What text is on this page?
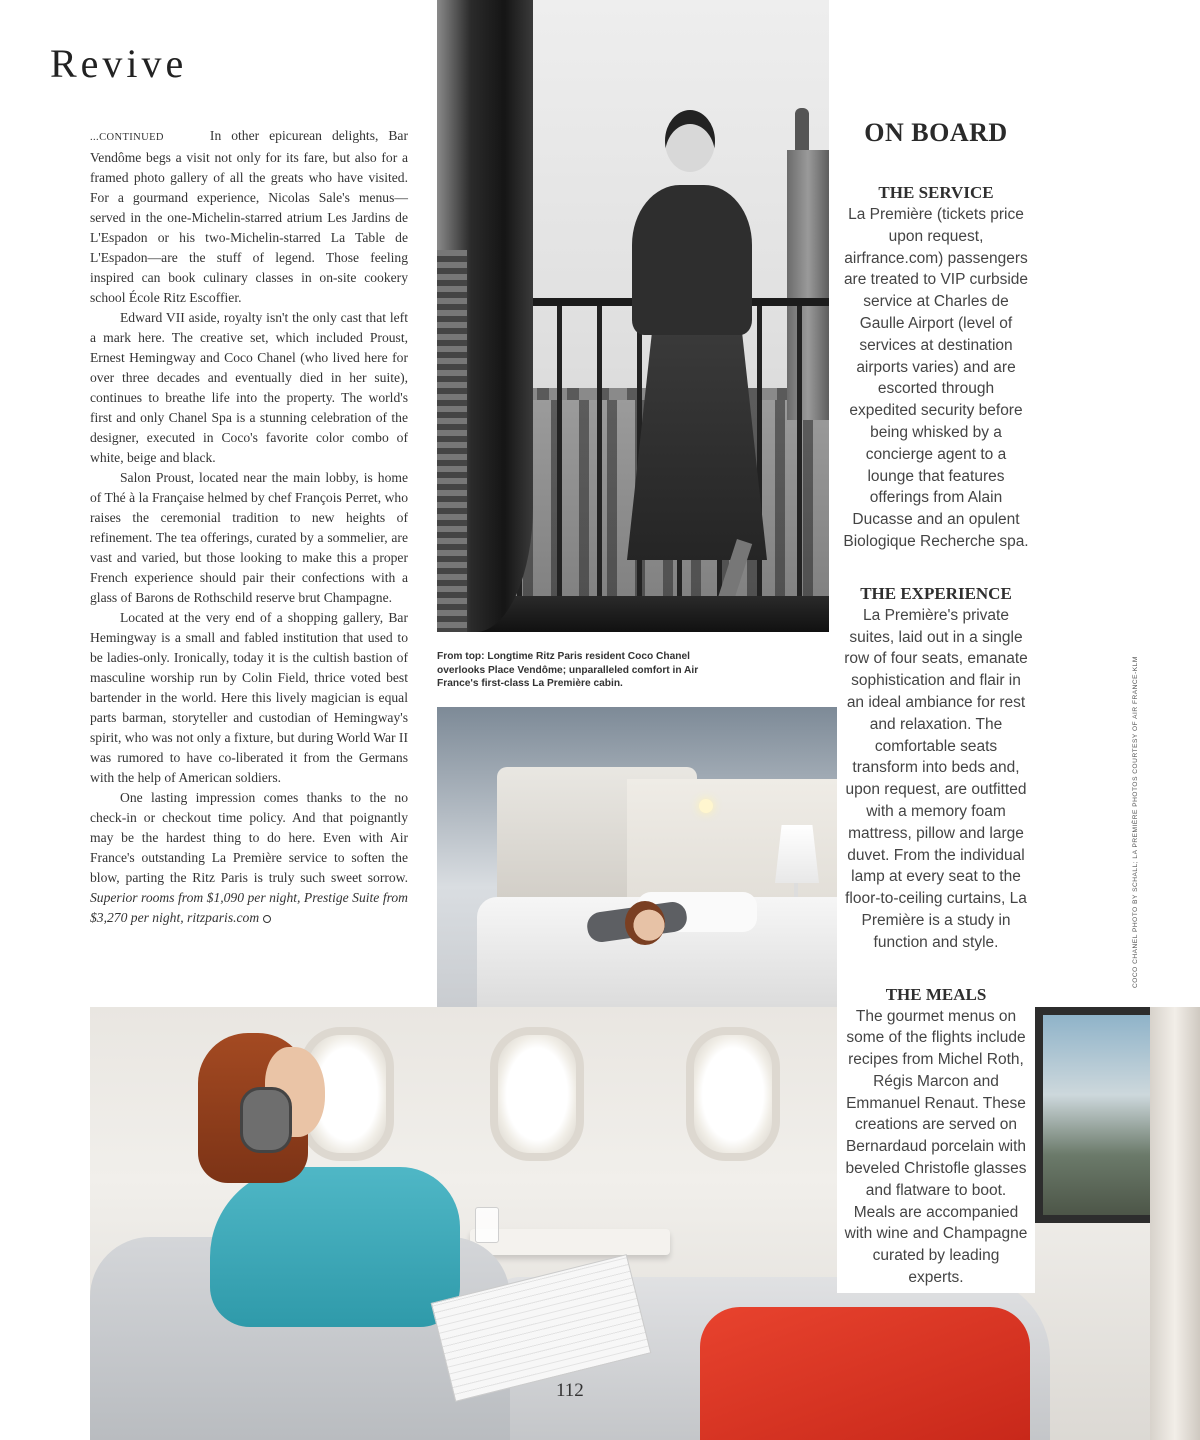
Revive

...CONTINUED	In other epicurean delights, Bar Vendôme begs a visit not only for its fare, but also for a framed photo gallery of all the greats who have visited. For a gourmand experience, Nicolas Sale's menus—served in the one-Michelin-starred atrium Les Jardins de L'Espadon or his two-Michelin-starred La Table de L'Espadon—are the stuff of legend. Those feeling inspired can book culinary classes in on-site cookery school École Ritz Escoffier.

Edward VII aside, royalty isn't the only cast that left a mark here. The creative set, which included Proust, Ernest Hemingway and Coco Chanel (who lived here for over three decades and eventually died in her suite), continues to breathe life into the property. The world's first and only Chanel Spa is a stunning celebration of the designer, executed in Coco's favorite color combo of white, beige and black.

Salon Proust, located near the main lobby, is home of Thé à la Française helmed by chef François Perret, who raises the ceremonial tradition to new heights of refinement. The tea offerings, curated by a sommelier, are vast and varied, but those looking to make this a proper French experience should pair their confections with a glass of Barons de Rothschild reserve brut Champagne.

Located at the very end of a shopping gallery, Bar Hemingway is a small and fabled institution that used to be ladies-only. Ironically, today it is the cultish bastion of masculine worship run by Colin Field, thrice voted best bartender in the world. Here this lively magician is equal parts barman, storyteller and custodian of Hemingway's spirit, who was not only a fixture, but during World War II was rumored to have co-liberated it from the Germans with the help of American soldiers.

One lasting impression comes thanks to the no check-in or checkout time policy. And that poignantly may be the hardest thing to do here. Even with Air France's outstanding La Première service to soften the blow, parting the Ritz Paris is truly such sweet sorrow. Superior rooms from $1,090 per night, Prestige Suite from $3,270 per night, ritzparis.com

From top: Longtime Ritz Paris resident Coco Chanel overlooks Place Vendôme; unparalleled comfort in Air France's first-class La Première cabin.
112
ON BOARD
THE SERVICE

La Première (tickets price upon request, airfrance.com) passengers are treated to VIP curbside service at Charles de Gaulle Airport (level of services at destination airports varies) and are escorted through expedited security before being whisked by a concierge agent to a lounge that features offerings from Alain Ducasse and an opulent Biologique Recherche spa.

THE EXPERIENCE

La Première's private suites, laid out in a single row of four seats, emanate sophistication and flair in an ideal ambiance for rest and relaxation. The comfortable seats transform into beds and, upon request, are outfitted with a memory foam mattress, pillow and large duvet. From the individual lamp at every seat to the floor-to-ceiling curtains, La Première is a study in function and style.

THE MEALS

The gourmet menus on some of the flights include recipes from Michel Roth, Régis Marcon and Emmanuel Renaut. These creations are served on Bernardaud porcelain with beveled Christofle glasses and flatware to boot. Meals are accompanied with wine and Champagne curated by leading experts.

COCO CHANEL PHOTO BY SCHALL; LA PREMIÈRE PHOTOS COURTESY OF AIR FRANCE-KLM
